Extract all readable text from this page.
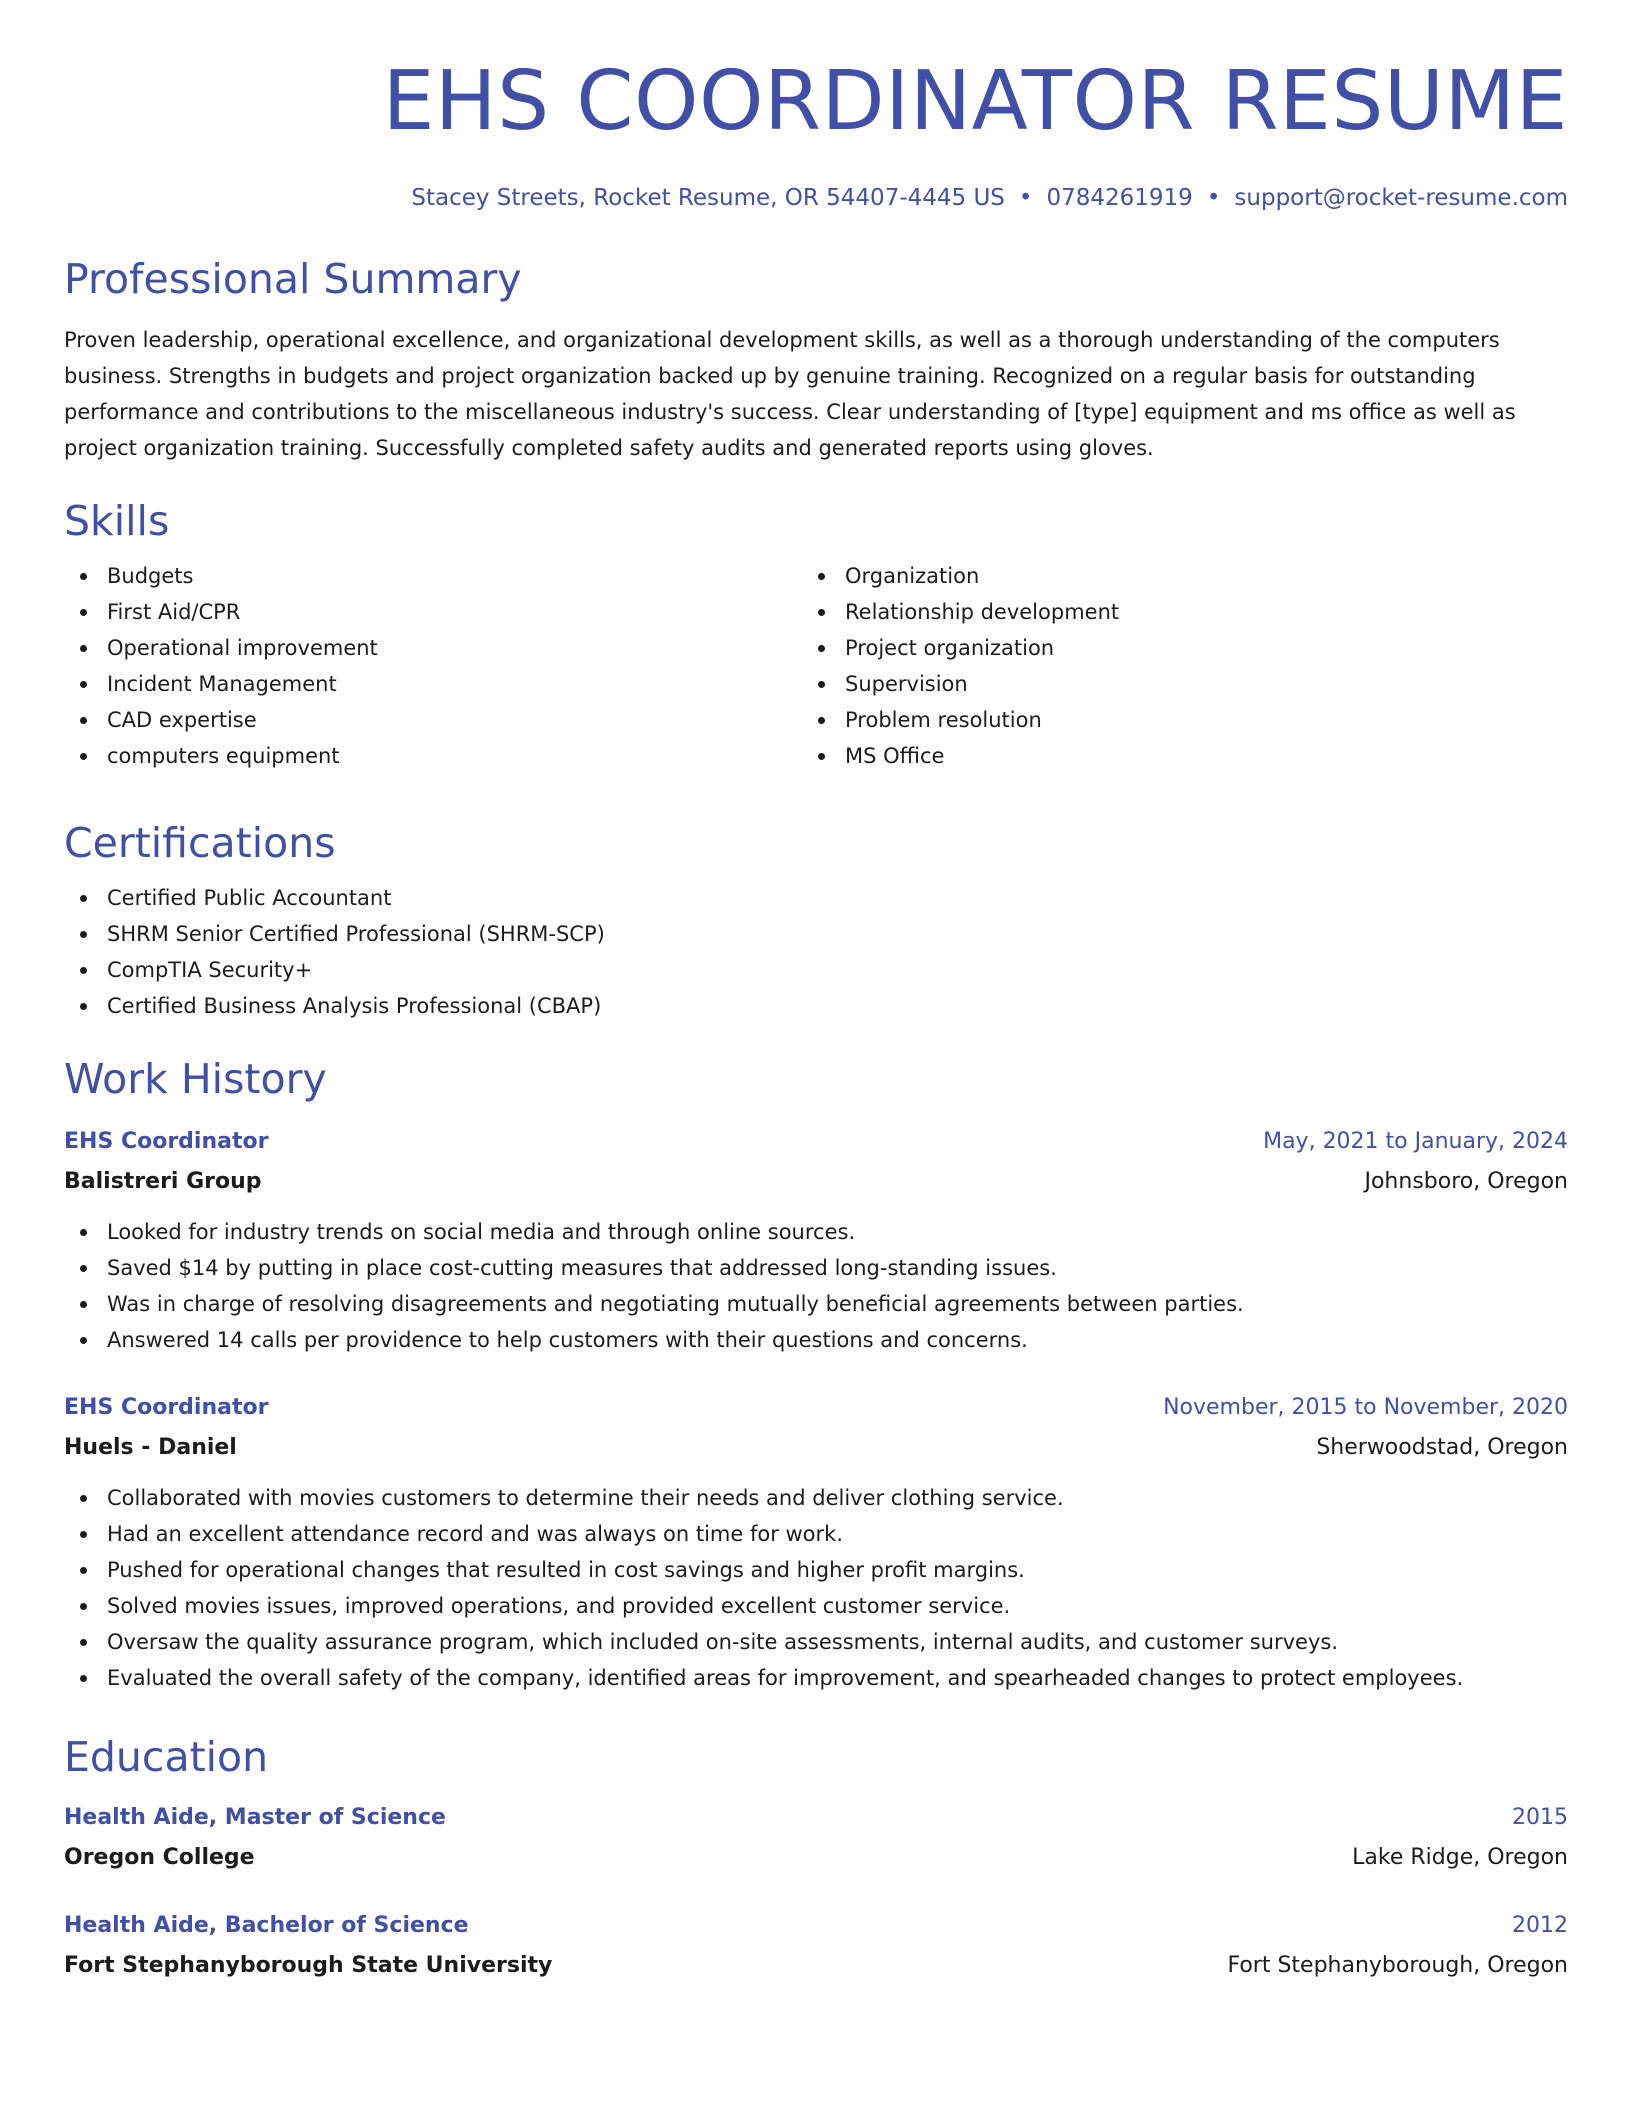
EHS COORDINATOR RESUME
Stacey Streets, Rocket Resume, OR 54407-4445 US • 0784261919 • support@rocket-resume.com
Professional Summary

Proven leadership, operational excellence, and organizational development skills, as well as a thorough understanding of the computers business. Strengths in budgets and project organization backed up by genuine training. Recognized on a regular basis for outstanding performance and contributions to the miscellaneous industry's success. Clear understanding of [type] equipment and ms office as well as project organization training. Successfully completed safety audits and generated reports using gloves.

Skills
Budgets
First Aid/CPR
Operational improvement
Incident Management
CAD expertise
computers equipment
Organization
Relationship development
Project organization
Supervision
Problem resolution
MS Office
Certifications
Certified Public Accountant
SHRM Senior Certified Professional (SHRM-SCP)
CompTIA Security+
Certified Business Analysis Professional (CBAP)
Work History
EHS Coordinator	May, 2021 to January, 2024
Balistreri Group	Johnsboro, Oregon
Looked for industry trends on social media and through online sources.
Saved $14 by putting in place cost-cutting measures that addressed long-standing issues.
Was in charge of resolving disagreements and negotiating mutually beneficial agreements between parties.
Answered 14 calls per providence to help customers with their questions and concerns.
EHS Coordinator	November, 2015 to November, 2020
Huels - Daniel	Sherwoodstad, Oregon
Collaborated with movies customers to determine their needs and deliver clothing service.
Had an excellent attendance record and was always on time for work.
Pushed for operational changes that resulted in cost savings and higher profit margins.
Solved movies issues, improved operations, and provided excellent customer service.
Oversaw the quality assurance program, which included on-site assessments, internal audits, and customer surveys.
Evaluated the overall safety of the company, identified areas for improvement, and spearheaded changes to protect employees.
Education
Health Aide, Master of Science	2015
Oregon College	Lake Ridge, Oregon
Health Aide, Bachelor of Science	2012
Fort Stephanyborough State University	Fort Stephanyborough, Oregon
